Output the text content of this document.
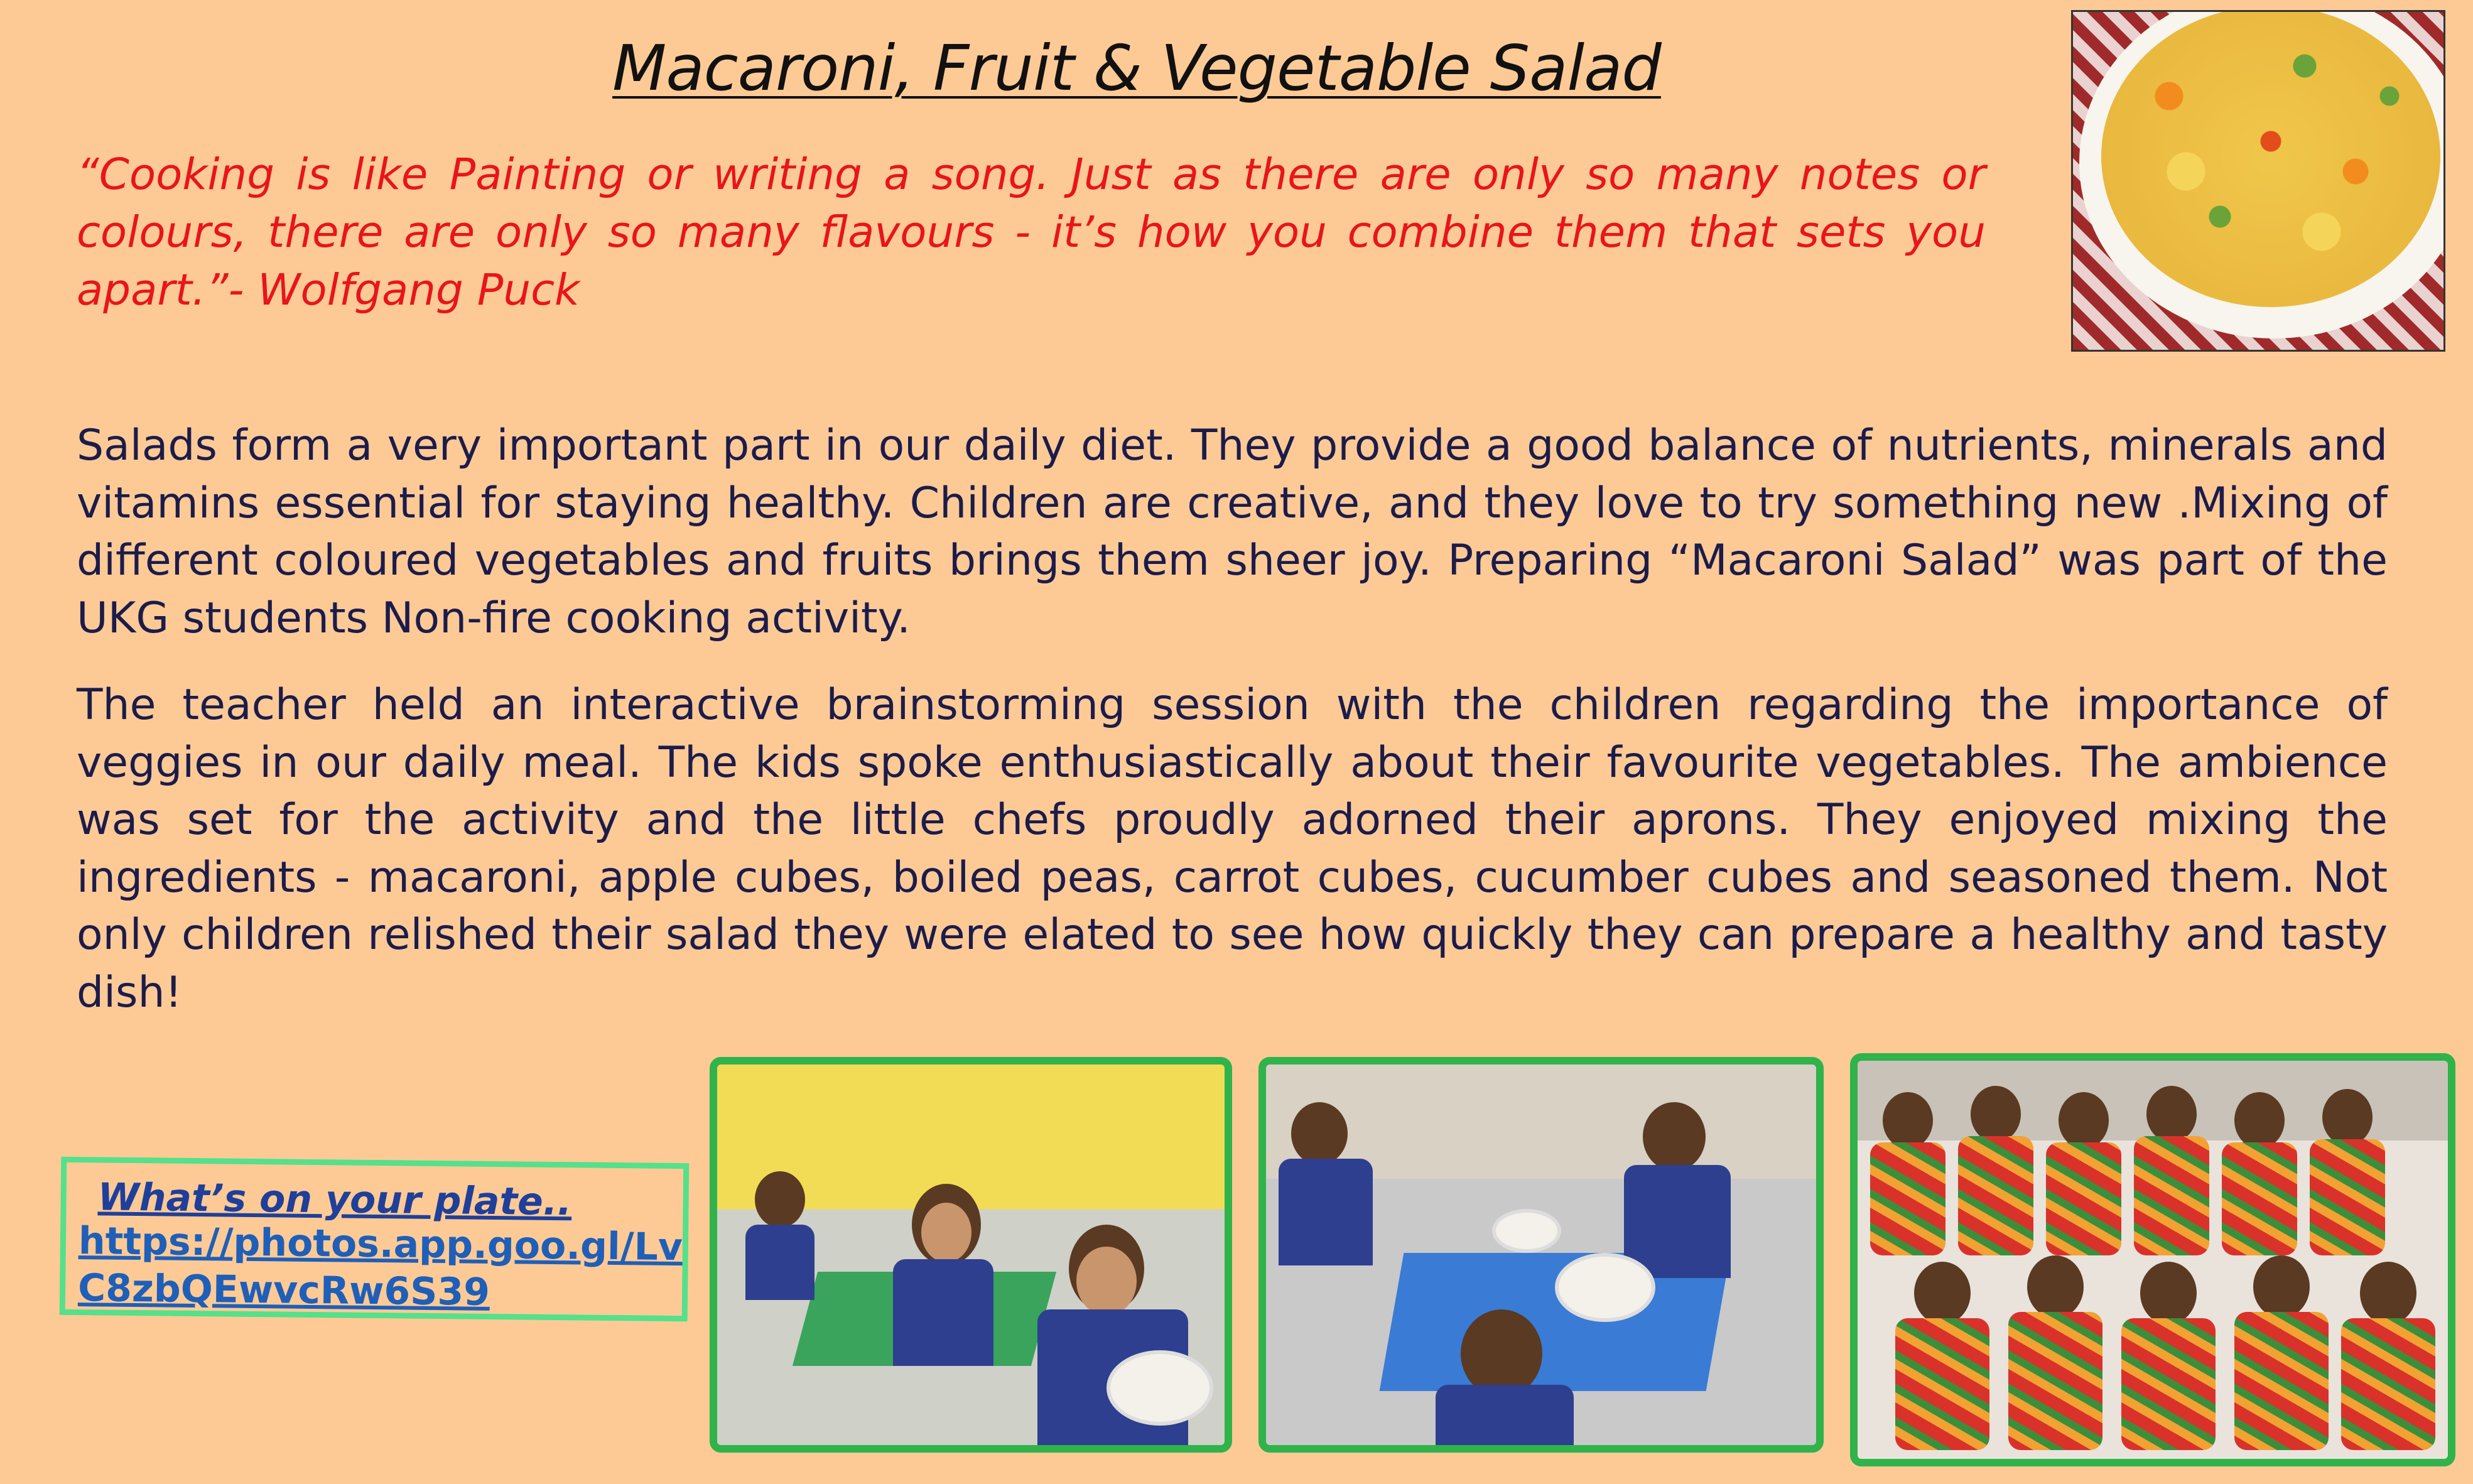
Macaroni, Fruit & Vegetable Salad
“Cooking is like Painting or writing a song. Just as there are only so many notes or colours, there are only so many flavours - it’s how you combine them that sets you apart.”- Wolfgang Puck
Salads form a very important part in our daily diet. They provide a good balance of nutrients, minerals and vitamins essential for staying healthy. Children are creative, and they love to try something new .Mixing of different coloured vegetables and fruits brings them sheer joy. Preparing “Macaroni Salad” was part of the UKG students Non-fire cooking activity.
The teacher held an interactive brainstorming session with the children regarding the importance of veggies in our daily meal. The kids spoke enthusiastically about their favourite vegetables. The ambience was set for the activity and the little chefs proudly adorned their aprons. They enjoyed mixing the ingredients - macaroni, apple cubes, boiled peas, carrot cubes, cucumber cubes and seasoned them. Not only children relished their salad they were elated to see how quickly they can prepare a healthy and tasty dish!
What’s on your plate..
https://photos.app.goo.gl/LvC8zbQEwvcRw6S39
